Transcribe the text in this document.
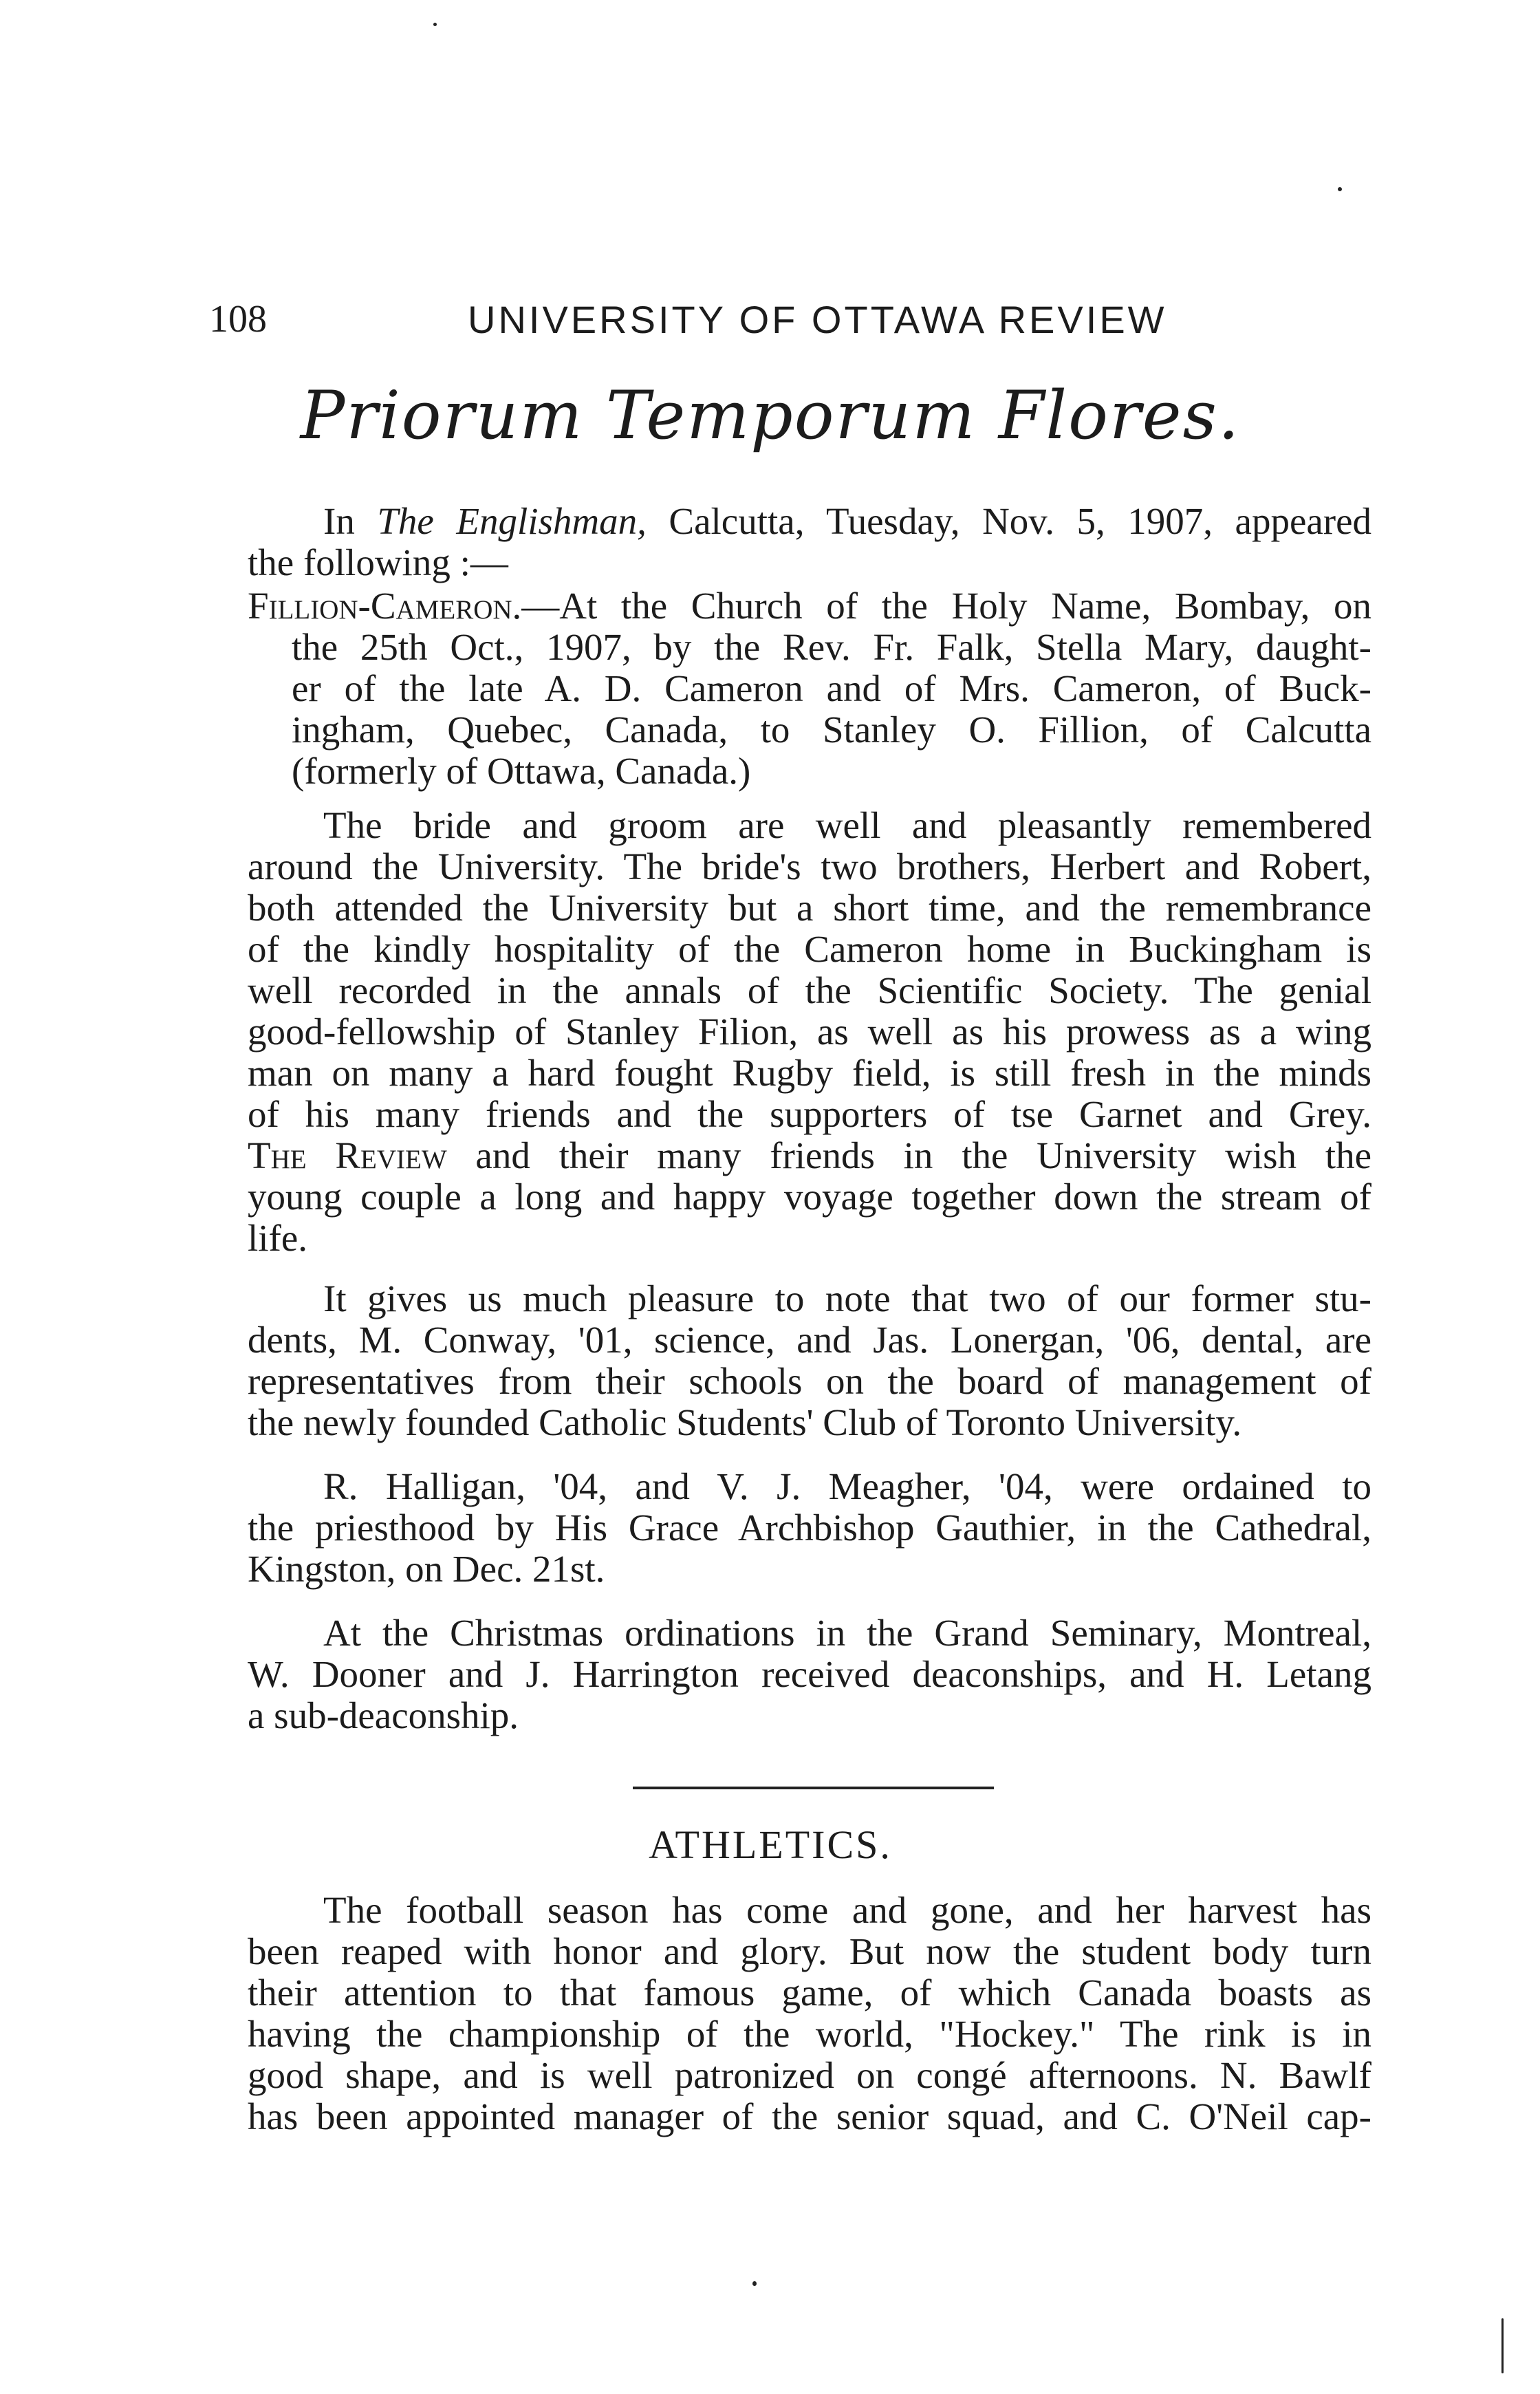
108	UNIVERSITY OF OTTAWA REVIEW
Priorum Temporum Flores.
In The Englishman, Calcutta, Tuesday, Nov. 5, 1907, appeared
the following :—
Fillion-Cameron.—At the Church of the Holy Name, Bombay, on
the 25th Oct., 1907, by the Rev. Fr. Falk, Stella Mary, daught-
er of the late A. D. Cameron and of Mrs. Cameron, of Buck-
ingham, Quebec, Canada, to Stanley O. Fillion, of Calcutta
(formerly of Ottawa, Canada.)
The bride and groom are well and pleasantly remembered
around the University. The bride's two brothers, Herbert and Robert,
both attended the University but a short time, and the remembrance
of the kindly hospitality of the Cameron home in Buckingham is
well recorded in the annals of the Scientific Society. The genial
good-fellowship of Stanley Filion, as well as his prowess as a wing
man on many a hard fought Rugby field, is still fresh in the minds
of his many friends and the supporters of tse Garnet and Grey.
The Review and their many friends in the University wish the
young couple a long and happy voyage together down the stream of
life.
It gives us much pleasure to note that two of our former stu-
dents, M. Conway, '01, science, and Jas. Lonergan, '06, dental, are
representatives from their schools on the board of management of
the newly founded Catholic Students' Club of Toronto University.
R. Halligan, '04, and V. J. Meagher, '04, were ordained to
the priesthood by His Grace Archbishop Gauthier, in the Cathedral,
Kingston, on Dec. 21st.
At the Christmas ordinations in the Grand Seminary, Montreal,
W. Dooner and J. Harrington received deaconships, and H. Letang
a sub-deaconship.
ATHLETICS.
The football season has come and gone, and her harvest has
been reaped with honor and glory. But now the student body turn
their attention to that famous game, of which Canada boasts as
having the championship of the world, "Hockey." The rink is in
good shape, and is well patronized on congé afternoons. N. Bawlf
has been appointed manager of the senior squad, and C. O'Neil cap-
